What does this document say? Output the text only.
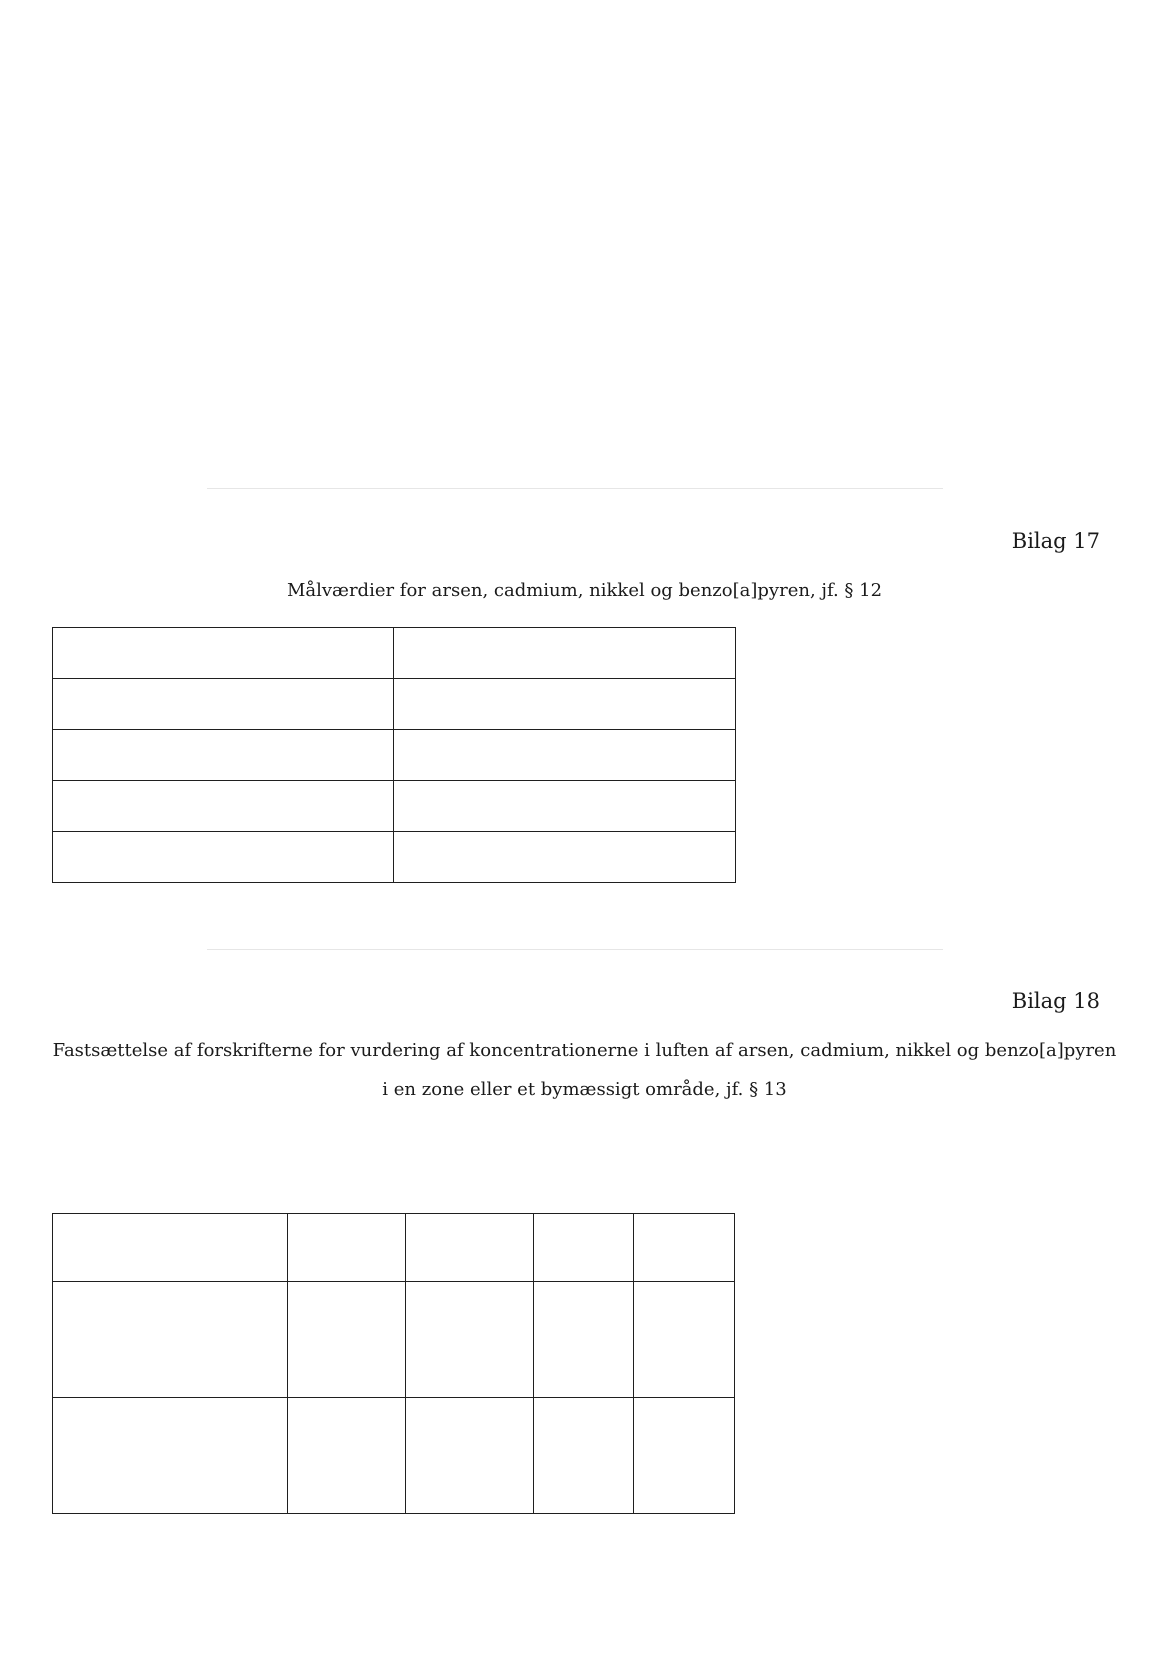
Bilag 17
Målværdier for arsen, cadmium, nikkel og benzo[a]pyren, jf. § 12

Bilag 18
Fastsættelse af forskrifterne for vurdering af koncentrationerne i luften af arsen, cadmium, nikkel og benzo[a]pyren i en zone eller et bymæssigt område, jf. § 13
